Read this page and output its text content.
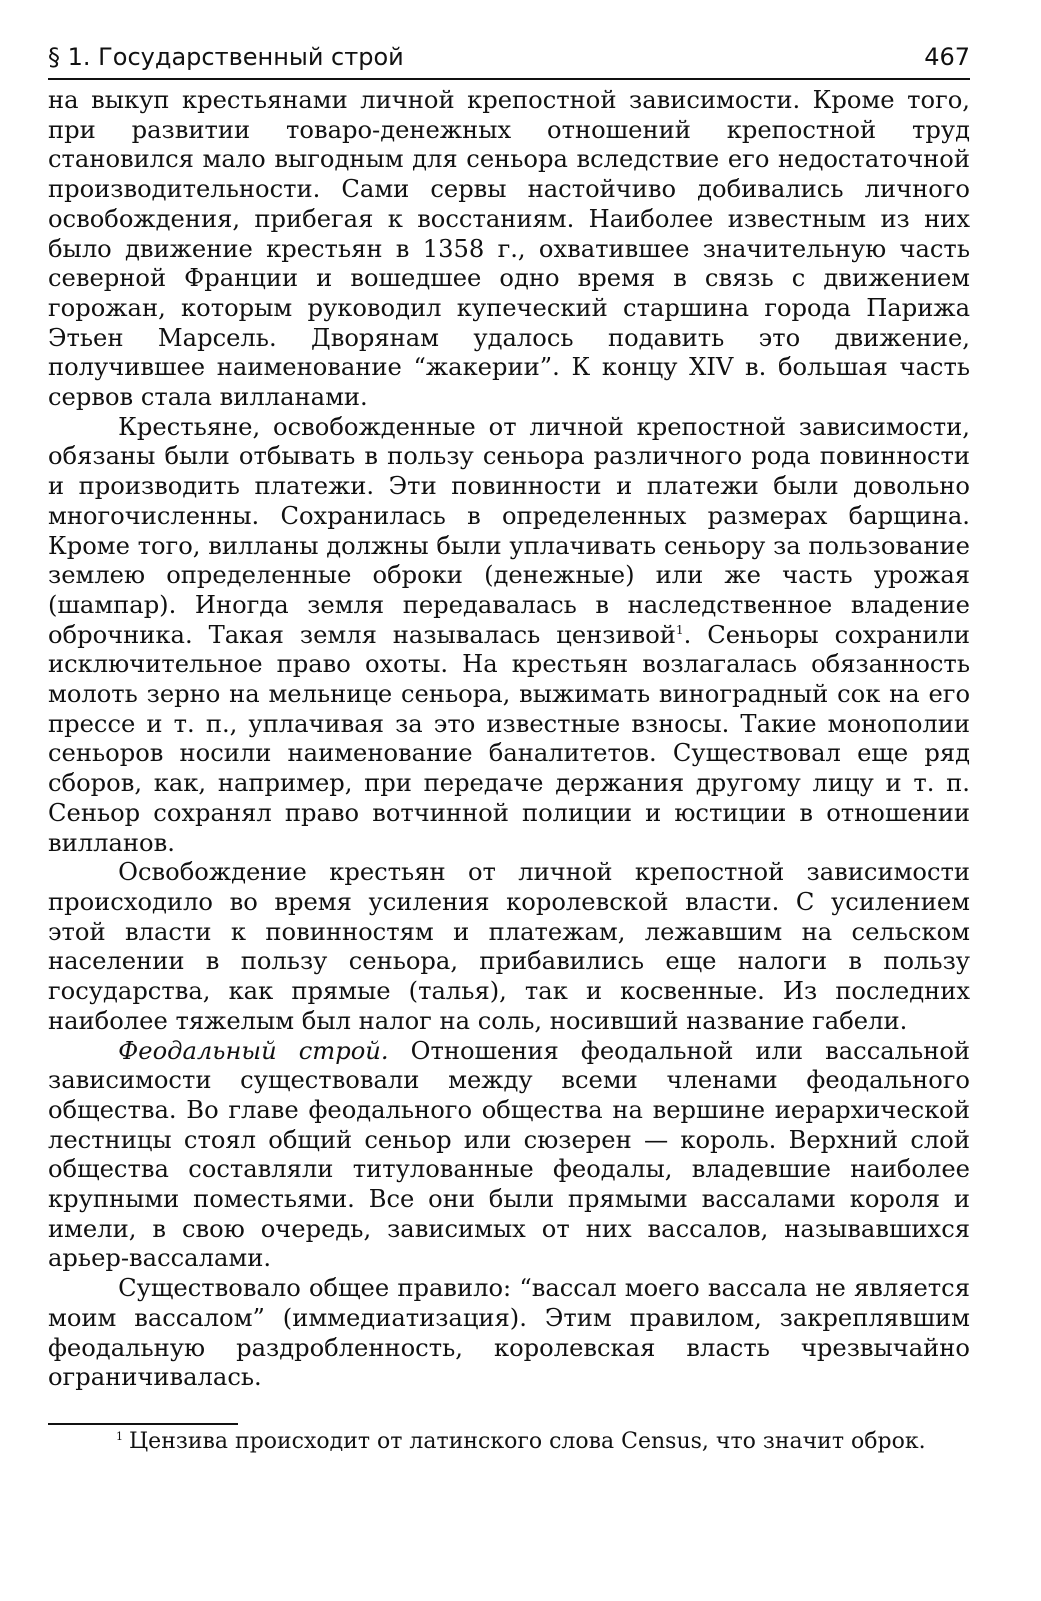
§ 1. Государственный строй	467

на выкуп крестьянами личной крепостной зависимости. Кроме того, при развитии товаро-денежных отношений крепостной труд становился мало выгодным для сеньора вследствие его недостаточной производительности. Сами сервы настойчиво добивались личного освобождения, прибегая к восстаниям. Наиболее известным из них было движение крестьян в 1358 г., охватившее значительную часть северной Франции и вошедшее одно время в связь с движением горожан, которым руководил купеческий старшина города Парижа Этьен Марсель. Дворянам удалось подавить это движение, получившее наименование “жакерии”. К концу XIV в. большая часть сервов стала вилланами.

Крестьяне, освобожденные от личной крепостной зависимости, обязаны были отбывать в пользу сеньора различного рода повинности и производить платежи. Эти повинности и платежи были довольно многочисленны. Сохранилась в определенных размерах барщина. Кроме того, вилланы должны были уплачивать сеньору за пользование землею определенные оброки (денежные) или же часть урожая (шампар). Иногда земля передавалась в наследственное владение оброчника. Такая земля называлась цензивой$^1$. Сеньоры сохранили исключительное право охоты. На крестьян возлагалась обязанность молоть зерно на мельнице сеньора, выжимать виноградный сок на его прессе и т. п., уплачивая за это известные взносы. Такие монополии сеньоров носили наименование баналитетов. Существовал еще ряд сборов, как, например, при передаче держания другому лицу и т. п. Сеньор сохранял право вотчинной полиции и юстиции в отношении вилланов.

Освобождение крестьян от личной крепостной зависимости происходило во время усиления королевской власти. С усилением этой власти к повинностям и платежам, лежавшим на сельском населении в пользу сеньора, прибавились еще налоги в пользу государства, как прямые (талья), так и косвенные. Из последних наиболее тяжелым был налог на соль, носивший название габели.

Феодальный строй. Отношения феодальной или вассальной зависимости существовали между всеми членами феодального общества. Во главе феодального общества на вершине иерархической лестницы стоял общий сеньор или сюзерен — король. Верхний слой общества составляли титулованные феодалы, владевшие наиболее крупными поместьями. Все они были прямыми вассалами короля и имели, в свою очередь, зависимых от них вассалов, называвшихся арьер-вассалами.

Существовало общее правило: “вассал моего вассала не является моим вассалом” (иммедиатизация). Этим правилом, закреплявшим феодальную раздробленность, королевская власть чрезвычайно ограничивалась.

$^1$ Цензива происходит от латинского слова Census, что значит оброк.
